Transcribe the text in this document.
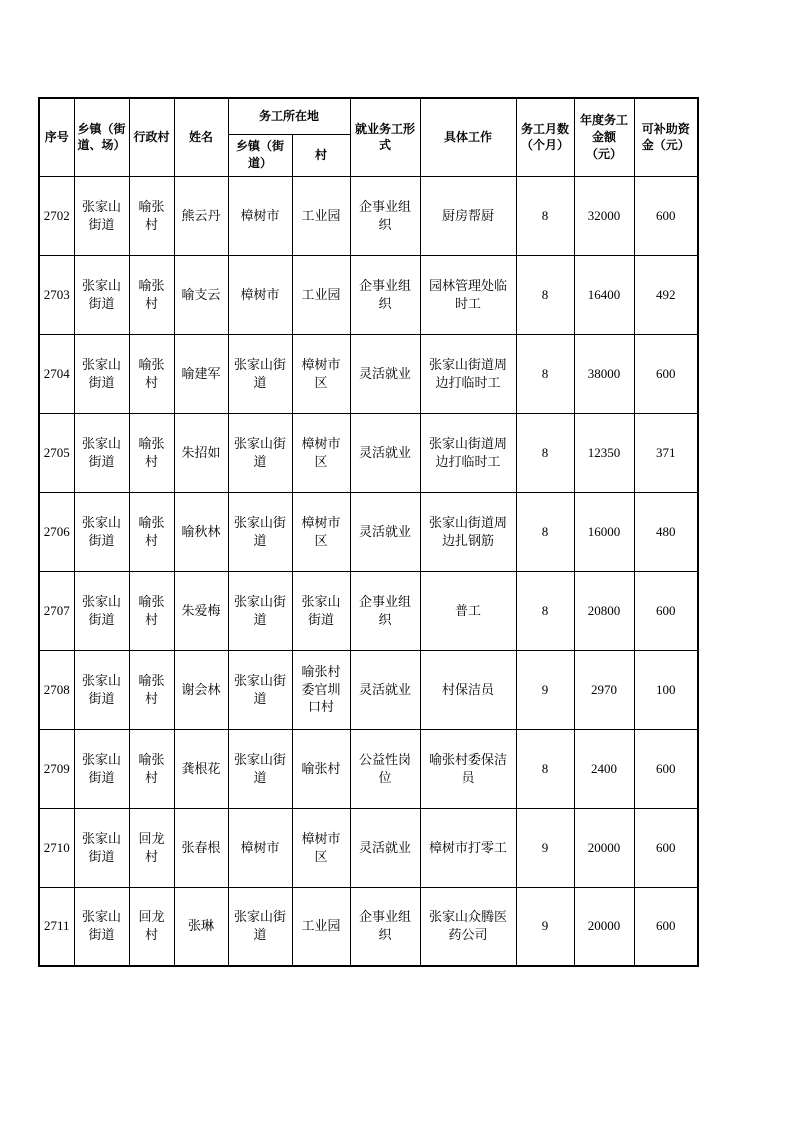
序号	乡镇（街道、场）	行政村	姓名	务工所在地		就业务工形式	具体工作	务工月数（个月）	年度务工金额（元）	可补助资金（元）
				乡镇（街道）	村					
2702	张家山街道	喻张村	熊云丹	樟树市	工业园	企事业组织	厨房帮厨	8	32000	600
2703	张家山街道	喻张村	喻支云	樟树市	工业园	企事业组织	园林管理处临时工	8	16400	492
2704	张家山街道	喻张村	喻建军	张家山街道	樟树市区	灵活就业	张家山街道周边打临时工	8	38000	600
2705	张家山街道	喻张村	朱招如	张家山街道	樟树市区	灵活就业	张家山街道周边打临时工	8	12350	371
2706	张家山街道	喻张村	喻秋林	张家山街道	樟树市区	灵活就业	张家山街道周边扎钢筋	8	16000	480
2707	张家山街道	喻张村	朱爱梅	张家山街道	张家山街道	企事业组织	普工	8	20800	600
2708	张家山街道	喻张村	谢会林	张家山街道	喻张村委官圳口村	灵活就业	村保洁员	9	2970	100
2709	张家山街道	喻张村	龚根花	张家山街道	喻张村	公益性岗位	喻张村委保洁员	8	2400	600
2710	张家山街道	回龙村	张春根	樟树市	樟树市区	灵活就业	樟树市打零工	9	20000	600
2711	张家山街道	回龙村	张琳	张家山街道	工业园	企事业组织	张家山众腾医药公司	9	20000	600
